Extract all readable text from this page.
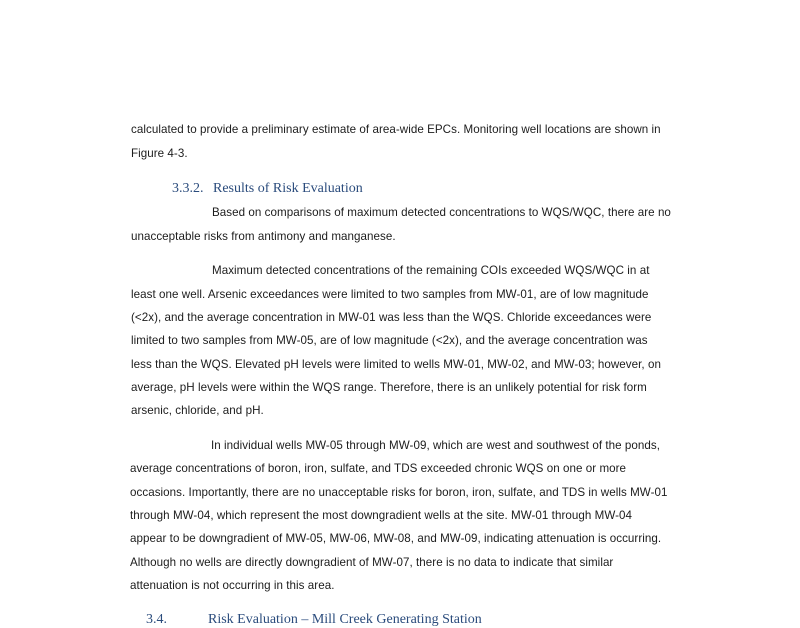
calculated to provide a preliminary estimate of area-wide EPCs. Monitoring well locations are shown in
Figure 4-3.
3.3.2. Results of Risk Evaluation
Based on comparisons of maximum detected concentrations to WQS/WQC, there are no
unacceptable risks from antimony and manganese.
Maximum detected concentrations of the remaining COIs exceeded WQS/WQC in at
least one well. Arsenic exceedances were limited to two samples from MW-01, are of low magnitude
(<2x), and the average concentration in MW-01 was less than the WQS. Chloride exceedances were
limited to two samples from MW-05, are of low magnitude (<2x), and the average concentration was
less than the WQS. Elevated pH levels were limited to wells MW-01, MW-02, and MW-03; however, on
average, pH levels were within the WQS range. Therefore, there is an unlikely potential for risk form
arsenic, chloride, and pH.
In individual wells MW-05 through MW-09, which are west and southwest of the ponds,
average concentrations of boron, iron, sulfate, and TDS exceeded chronic WQS on one or more
occasions. Importantly, there are no unacceptable risks for boron, iron, sulfate, and TDS in wells MW-01
through MW-04, which represent the most downgradient wells at the site. MW-01 through MW-04
appear to be downgradient of MW-05, MW-06, MW-08, and MW-09, indicating attenuation is occurring.
Although no wells are directly downgradient of MW-07, there is no data to indicate that similar
attenuation is not occurring in this area.
3.4.	Risk Evaluation – Mill Creek Generating Station
